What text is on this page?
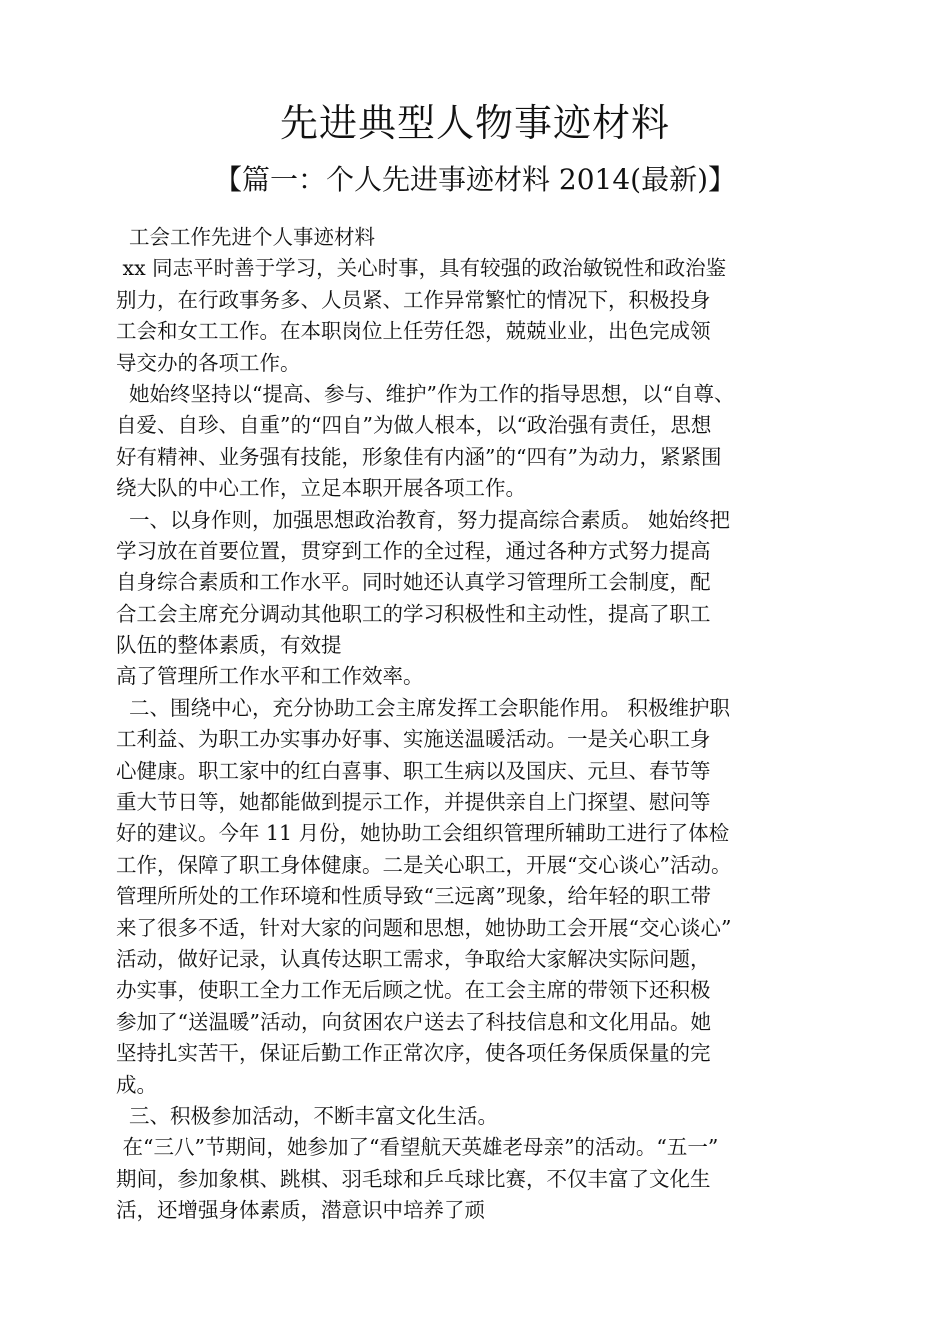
先进典型人物事迹材料
【篇一：个人先进事迹材料 2014(最新)】
工会工作先进个人事迹材料
xx 同志平时善于学习，关心时事，具有较强的政治敏锐性和政治鉴
别力，在行政事务多、人员紧、工作异常繁忙的情况下，积极投身
工会和女工工作。在本职岗位上任劳任怨，兢兢业业，出色完成领
导交办的各项工作。
她始终坚持以“提高、参与、维护”作为工作的指导思想，以“自尊、
自爱、自珍、自重”的“四自”为做人根本，以“政治强有责任，思想
好有精神、业务强有技能，形象佳有内涵”的“四有”为动力，紧紧围
绕大队的中心工作，立足本职开展各项工作。
一、以身作则，加强思想政治教育，努力提高综合素质。 她始终把
学习放在首要位置，贯穿到工作的全过程，通过各种方式努力提高
自身综合素质和工作水平。同时她还认真学习管理所工会制度，配
合工会主席充分调动其他职工的学习积极性和主动性，提高了职工
队伍的整体素质，有效提
高了管理所工作水平和工作效率。
二、围绕中心，充分协助工会主席发挥工会职能作用。 积极维护职
工利益、为职工办实事办好事、实施送温暖活动。一是关心职工身
心健康。职工家中的红白喜事、职工生病以及国庆、元旦、春节等
重大节日等，她都能做到提示工作，并提供亲自上门探望、慰问等
好的建议。今年 11 月份，她协助工会组织管理所辅助工进行了体检
工作，保障了职工身体健康。二是关心职工，开展“交心谈心”活动。
管理所所处的工作环境和性质导致“三远离”现象，给年轻的职工带
来了很多不适，针对大家的问题和思想，她协助工会开展“交心谈心”
活动，做好记录，认真传达职工需求，争取给大家解决实际问题，
办实事，使职工全力工作无后顾之忧。在工会主席的带领下还积极
参加了“送温暖”活动，向贫困农户送去了科技信息和文化用品。她
坚持扎实苦干，保证后勤工作正常次序，使各项任务保质保量的完
成。
三、积极参加活动，不断丰富文化生活。
在“三八”节期间，她参加了“看望航天英雄老母亲”的活动。“五一”
期间，参加象棋、跳棋、羽毛球和乒乓球比赛，不仅丰富了文化生
活，还增强身体素质，潜意识中培养了顽
